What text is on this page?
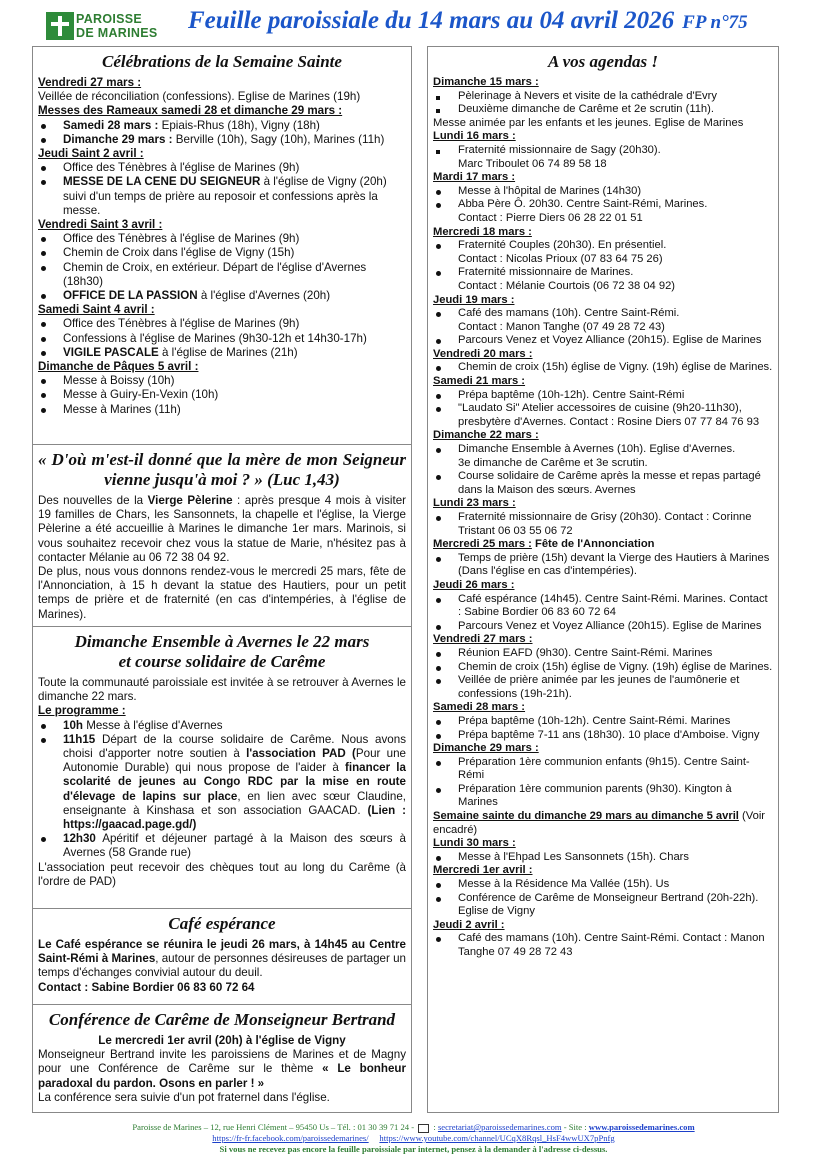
PAROISSE
DE MARINES Feuille paroissiale du 14 mars au 04 avril 2026 FP n°75
Célébrations de la Semaine Sainte
Vendredi 27 mars :
Veillée de réconciliation (confessions). Eglise de Marines (19h)
Messes des Rameaux samedi 28 et dimanche 29 mars :
Samedi 28 mars : Epiais-Rhus (18h), Vigny (18h)
Dimanche 29 mars : Berville (10h), Sagy (10h), Marines (11h)
Jeudi Saint 2 avril :
Office des Ténèbres à l'église de Marines (9h)
MESSE DE LA CENE DU SEIGNEUR à l'église de Vigny (20h) suivi d'un temps de prière au reposoir et confessions après la messe.
Vendredi Saint 3 avril :
Office des Ténèbres à l'église de Marines (9h)
Chemin de Croix dans l'église de Vigny (15h)
Chemin de Croix, en extérieur. Départ de l'église d'Avernes (18h30)
OFFICE DE LA PASSION à l'église d'Avernes (20h)
Samedi Saint 4 avril :
Office des Ténèbres à l'église de Marines (9h)
Confessions à l'église de Marines (9h30-12h et 14h30-17h)
VIGILE PASCALE à l'église de Marines (21h)
Dimanche de Pâques 5 avril :
Messe à Boissy (10h)
Messe à Guiry-En-Vexin (10h)
Messe à Marines (11h)
« D'où m'est-il donné que la mère de mon Seigneur vienne jusqu'à moi ? » (Luc 1,43)
Des nouvelles de la Vierge Pèlerine : après presque 4 mois à visiter 19 familles de Chars, les Sansonnets, la chapelle et l'église, la Vierge Pèlerine a été accueillie à Marines le dimanche 1er mars. Marinois, si vous souhaitez recevoir chez vous la statue de Marie, n'hésitez pas à contacter Mélanie au 06 72 38 04 92.
De plus, nous vous donnons rendez-vous le mercredi 25 mars, fête de l'Annonciation, à 15 h devant la statue des Hautiers, pour un petit temps de prière et de fraternité (en cas d'intempéries, à l'église de Marines).
Dimanche Ensemble à Avernes le 22 mars
et course solidaire de Carême
Toute la communauté paroissiale est invitée à se retrouver à Avernes le dimanche 22 mars.
Le programme :
10h Messe à l'église d'Avernes
11h15 Départ de la course solidaire de Carême. Nous avons choisi d'apporter notre soutien à l'association PAD (Pour une Autonomie Durable) qui nous propose de l'aider à financer la scolarité de jeunes au Congo RDC par la mise en route d'élevage de lapins sur place, en lien avec sœur Claudine, enseignante à Kinshasa et son association GAACAD. (Lien : https://gaacad.page.gd/)
12h30 Apéritif et déjeuner partagé à la Maison des sœurs à Avernes (58 Grande rue)
L'association peut recevoir des chèques tout au long du Carême (à l'ordre de PAD)
Café espérance
Le Café espérance se réunira le jeudi 26 mars, à 14h45 au Centre Saint-Rémi à Marines, autour de personnes désireuses de partager un temps d'échanges convivial autour du deuil.
Contact : Sabine Bordier 06 83 60 72 64
Conférence de Carême de Monseigneur Bertrand
Le mercredi 1er avril (20h) à l'église de Vigny
Monseigneur Bertrand invite les paroissiens de Marines et de Magny pour une Conférence de Carême sur le thème « Le bonheur paradoxal du pardon. Osons en parler ! »
La conférence sera suivie d'un pot fraternel dans l'église.
A vos agendas !
Dimanche 15 mars :
Pèlerinage à Nevers et visite de la cathédrale d'Evry
Deuxième dimanche de Carême et 2e scrutin (11h).
Messe animée par les enfants et les jeunes. Eglise de Marines
Lundi 16 mars :
Fraternité missionnaire de Sagy (20h30).
Marc Triboulet 06 74 89 58 18
Mardi 17 mars :
Messe à l'hôpital de Marines (14h30)
Abba Père Ô. 20h30. Centre Saint-Rémi, Marines.
Contact : Pierre Diers 06 28 22 01 51
Mercredi 18 mars :
Fraternité Couples (20h30). En présentiel.
Contact : Nicolas Prioux (07 83 64 75 26)
Fraternité missionnaire de Marines.
Contact : Mélanie Courtois (06 72 38 04 92)
Jeudi 19 mars :
Café des mamans (10h). Centre Saint-Rémi.
Contact : Manon Tanghe (07 49 28 72 43)
Parcours Venez et Voyez Alliance (20h15). Eglise de Marines
Vendredi 20 mars :
Chemin de croix (15h) église de Vigny. (19h) église de Marines.
Samedi 21 mars :
Prépa baptême (10h-12h). Centre Saint-Rémi
"Laudato Si" Atelier accessoires de cuisine (9h20-11h30), presbytère d'Avernes. Contact : Rosine Diers 07 77 84 76 93
Dimanche 22 mars :
Dimanche Ensemble à Avernes (10h). Eglise d'Avernes.
3e dimanche de Carême et 3e scrutin.
Course solidaire de Carême après la messe et repas partagé dans la Maison des sœurs. Avernes
Lundi 23 mars :
Fraternité missionnaire de Grisy (20h30). Contact : Corinne Tristant 06 03 55 06 72
Mercredi 25 mars : Fête de l'Annonciation
Temps de prière (15h) devant la Vierge des Hautiers à Marines (Dans l'église en cas d'intempéries).
Jeudi 26 mars :
Café espérance (14h45). Centre Saint-Rémi. Marines. Contact : Sabine Bordier 06 83 60 72 64
Parcours Venez et Voyez Alliance (20h15). Eglise de Marines
Vendredi 27 mars :
Réunion EAFD (9h30). Centre Saint-Rémi. Marines
Chemin de croix (15h) église de Vigny. (19h) église de Marines.
Veillée de prière animée par les jeunes de l'aumônerie et confessions (19h-21h).
Samedi 28 mars :
Prépa baptême (10h-12h). Centre Saint-Rémi. Marines
Prépa baptême 7-11 ans (18h30). 10 place d'Amboise. Vigny
Dimanche 29 mars :
Préparation 1ère communion enfants (9h15). Centre Saint-Rémi
Préparation 1ère communion parents (9h30). Kington à Marines
Semaine sainte du dimanche 29 mars au dimanche 5 avril (Voir encadré)
Lundi 30 mars :
Messe à l'Ehpad Les Sansonnets (15h). Chars
Mercredi 1er avril :
Messe à la Résidence Ma Vallée (15h). Us
Conférence de Carême de Monseigneur Bertrand (20h-22h). Eglise de Vigny
Jeudi 2 avril :
Café des mamans (10h). Centre Saint-Rémi. Contact : Manon Tanghe 07 49 28 72 43
Paroisse de Marines – 12, rue Henri Clément – 95450 Us – Tél. : 01 30 39 71 24 -  : secretariat@paroissedemarines.com - Site : www.paroissedemarines.com
https://fr-fr.facebook.com/paroissedemarines/ https://www.youtube.com/channel/UCqX8Rqsl_HsF4wwUX7pPnfg
Si vous ne recevez pas encore la feuille paroissiale par internet, pensez à la demander à l'adresse ci-dessus.
